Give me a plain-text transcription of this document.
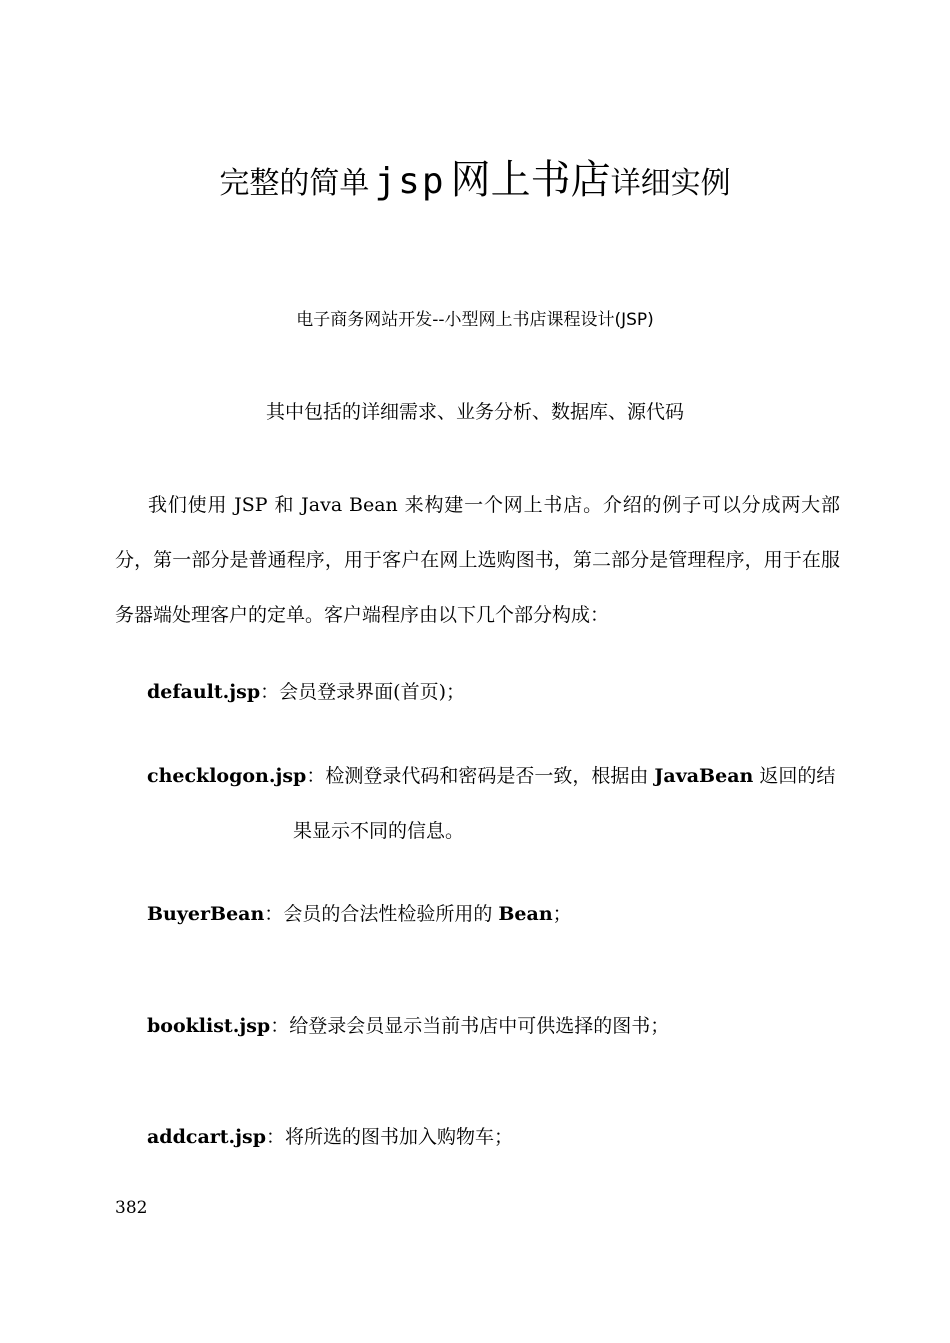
完整的简单 jsp 网上书店详细实例
电子商务网站开发--小型网上书店课程设计(JSP)
其中包括的详细需求、业务分析、数据库、源代码
我们使用 JSP 和 Java Bean 来构建一个网上书店。介绍的例子可以分成两大部分，第一部分是普通程序，用于客户在网上选购图书，第二部分是管理程序，用于在服务器端处理客户的定单。客户端程序由以下几个部分构成：
default.jsp：会员登录界面(首页)；
checklogon.jsp：检测登录代码和密码是否一致，根据由 JavaBean 返回的结
果显示不同的信息。
BuyerBean：会员的合法性检验所用的 Bean；
booklist.jsp：给登录会员显示当前书店中可供选择的图书；
addcart.jsp：将所选的图书加入购物车；
382
